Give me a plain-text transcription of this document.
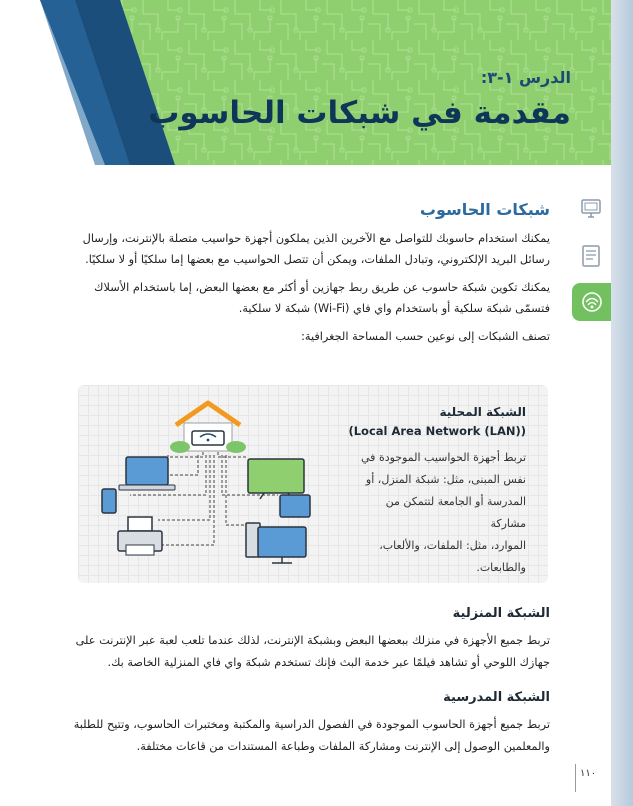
الدرس ١-٣:
مقدمة في شبكات الحاسوب
شبكات الحاسوب
يمكنك استخدام حاسوبك للتواصل مع الآخرين الذين يملكون أجهزة حواسيب متصلة بالإنترنت، وإرسال
رسائل البريد الإلكتروني، وتبادل الملفات، ويمكن أن تتصل الحواسيب مع بعضها إما سلكيًا أو لا سلكيًا.
يمكنك تكوين شبكة حاسوب عن طريق ربط جهازين أو أكثر مع بعضها البعض، إما باستخدام الأسلاك
فتسمّى شبكة سلكية أو باستخدام واي فاي (Wi-Fi) شبكة لا سلكية.
تصنف الشبكات إلى نوعين حسب المساحة الجغرافية:
الشبكة المحلية
(Local Area Network (LAN))
تربط أجهزة الحواسيب الموجودة في
نفس المبنى، مثل: شبكة المنزل، أو
المدرسة أو الجامعة لتتمكن من مشاركة
الموارد، مثل: الملفات، والألعاب،
والطابعات.
الشبكة المنزلية
تربط جميع الأجهزة في منزلك ببعضها البعض وبشبكة الإنترنت، لذلك عندما تلعب لعبة عبر الإنترنت على
جهازك اللوحي أو تشاهد فيلمًا عبر خدمة البث فإنك تستخدم شبكة واي فاي المنزلية الخاصة بك.
الشبكة المدرسية
تربط جميع أجهزة الحاسوب الموجودة في الفصول الدراسية والمكتبة ومختبرات الحاسوب، وتتيح للطلبة
والمعلمين الوصول إلى الإنترنت ومشاركة الملفات وطباعة المستندات من قاعات مختلفة.
١١٠
